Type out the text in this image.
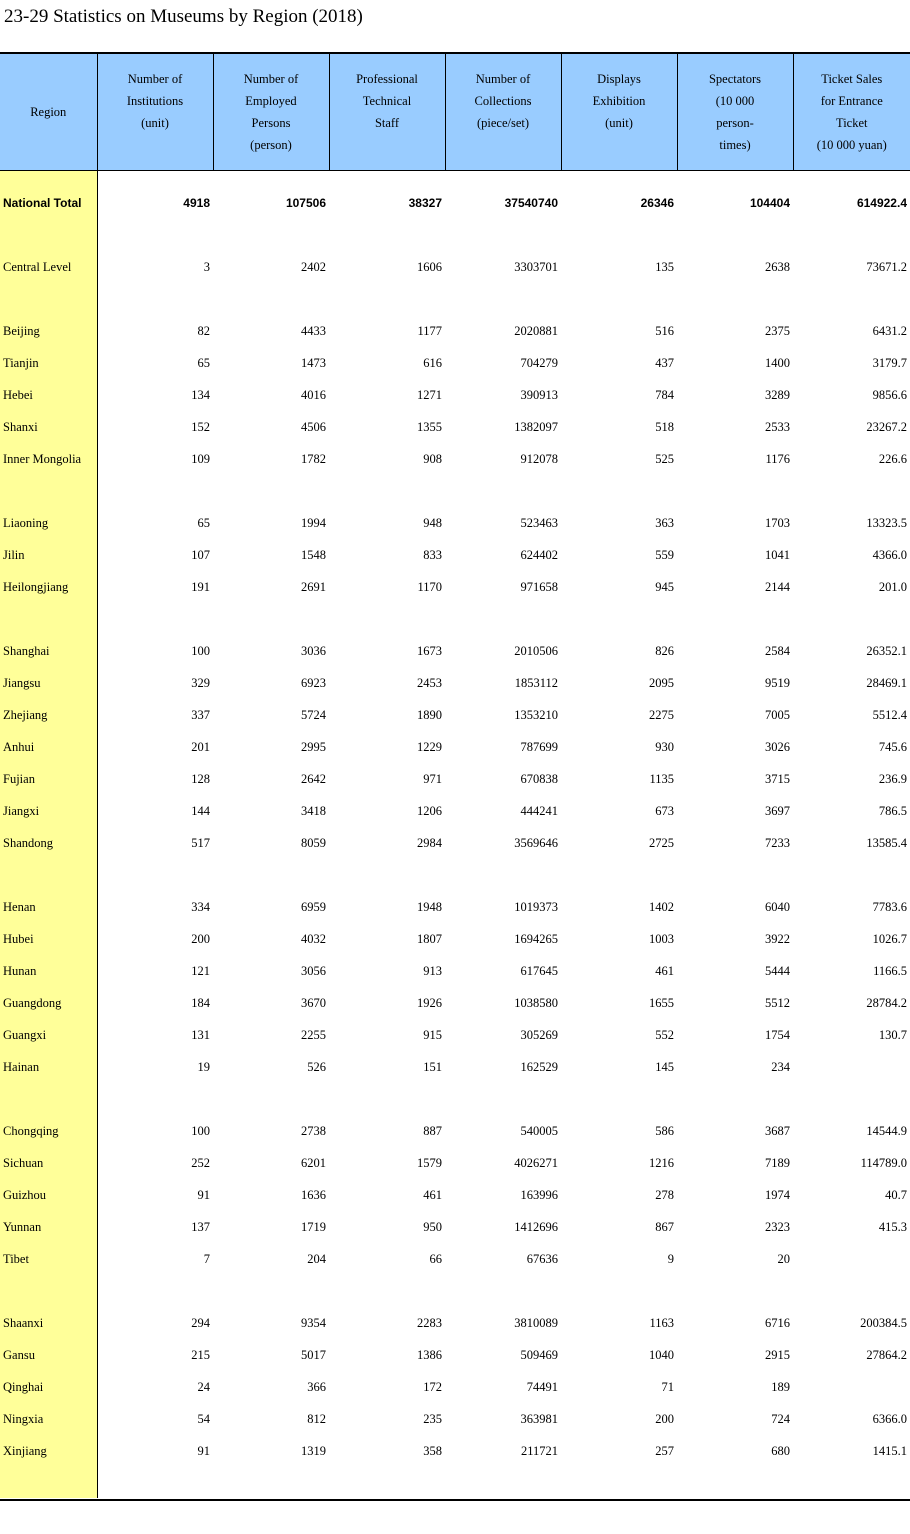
23-29 Statistics on Museums by Region (2018)
Region	Number of
Institutions
(unit)	Number of
Employed
Persons
(person)	Professional
Technical
Staff	Number of
Collections
(piece/set)	Displays
Exhibition
(unit)	Spectators
(10 000
person-
times)	Ticket Sales
for Entrance
Ticket
(10 000 yuan)

National Total	4918	107506	38327	37540740	26346	104404	614922.4

Central Level	3	2402	1606	3303701	135	2638	73671.2

Beijing	82	4433	1177	2020881	516	2375	6431.2
Tianjin	65	1473	616	704279	437	1400	3179.7
Hebei	134	4016	1271	390913	784	3289	9856.6
Shanxi	152	4506	1355	1382097	518	2533	23267.2
Inner Mongolia	109	1782	908	912078	525	1176	226.6

Liaoning	65	1994	948	523463	363	1703	13323.5
Jilin	107	1548	833	624402	559	1041	4366.0
Heilongjiang	191	2691	1170	971658	945	2144	201.0

Shanghai	100	3036	1673	2010506	826	2584	26352.1
Jiangsu	329	6923	2453	1853112	2095	9519	28469.1
Zhejiang	337	5724	1890	1353210	2275	7005	5512.4
Anhui	201	2995	1229	787699	930	3026	745.6
Fujian	128	2642	971	670838	1135	3715	236.9
Jiangxi	144	3418	1206	444241	673	3697	786.5
Shandong	517	8059	2984	3569646	2725	7233	13585.4

Henan	334	6959	1948	1019373	1402	6040	7783.6
Hubei	200	4032	1807	1694265	1003	3922	1026.7
Hunan	121	3056	913	617645	461	5444	1166.5
Guangdong	184	3670	1926	1038580	1655	5512	28784.2
Guangxi	131	2255	915	305269	552	1754	130.7
Hainan	19	526	151	162529	145	234	

Chongqing	100	2738	887	540005	586	3687	14544.9
Sichuan	252	6201	1579	4026271	1216	7189	114789.0
Guizhou	91	1636	461	163996	278	1974	40.7
Yunnan	137	1719	950	1412696	867	2323	415.3
Tibet	7	204	66	67636	9	20	

Shaanxi	294	9354	2283	3810089	1163	6716	200384.5
Gansu	215	5017	1386	509469	1040	2915	27864.2
Qinghai	24	366	172	74491	71	189	
Ningxia	54	812	235	363981	200	724	6366.0
Xinjiang	91	1319	358	211721	257	680	1415.1
